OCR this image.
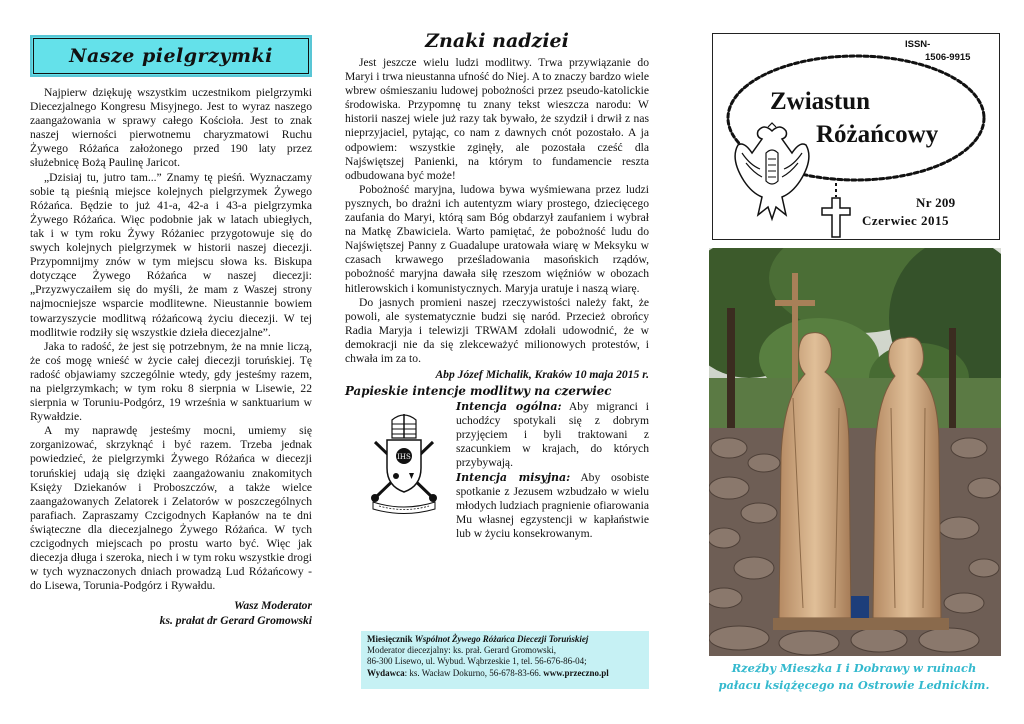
Nasze pielgrzymki

Najpierw dziękuję wszystkim uczestnikom pielgrzymki Diecezjalnego Kongresu Misyjnego. Jest to wyraz naszego zaangażowania w sprawy całego Kościoła. Jest to znak naszej wierności pierwotnemu charyzmatowi Ruchu Żywego Różańca założonego przed 190 laty przez służebnicę Bożą Paulinę Jaricot.

„Dzisiaj tu, jutro tam...” Znamy tę pieśń. Wyznaczamy sobie tą pieśnią miejsce kolejnych pielgrzymek Żywego Różańca. Będzie to już 41-a, 42-a i 43-a pielgrzymka Żywego Różańca. Więc podobnie jak w latach ubiegłych, tak i w tym roku Żywy Różaniec przygotowuje się do swych kolejnych pielgrzymek w historii naszej diecezji. Przypomnijmy znów w tym miejscu słowa ks. Biskupa dotyczące Żywego Różańca w naszej diecezji: „Przyzwyczaiłem się do myśli, że mam z Waszej strony najmocniejsze wsparcie modlitewne. Nieustannie bowiem towarzyszycie modlitwą różańcową życiu diecezji. W tej modlitwie rodziły się wszystkie dzieła diecezjalne”.

Jaka to radość, że jest się potrzebnym, że na mnie liczą, że coś mogę wnieść w życie całej diecezji toruńskiej. Tę radość objawiamy szczególnie wtedy, gdy jesteśmy razem, na pielgrzymkach; w tym roku 8 sierpnia w Lisewie, 22 sierpnia w Toruniu-Podgórz, 19 września w sanktuarium w Rywałdzie.

A my naprawdę jesteśmy mocni, umiemy się zorganizować, skrzyknąć i być razem. Trzeba jednak powiedzieć, że pielgrzymki Żywego Różańca w diecezji toruńskiej udają się dzięki zaangażowaniu znakomitych Księży Dziekanów i Proboszczów, a także wielce zaangażowanych Zelatorek i Zelatorów w poszczególnych parafiach. Zapraszamy Czcigodnych Kapłanów na te dni świąteczne dla diecezjalnego Żywego Różańca. W tych czcigodnych miejscach po prostu warto być. Więc jak diecezja długa i szeroka, niech i w tym roku wszystkie drogi w tych wyznaczonych dniach prowadzą Lud Różańcowy - do Lisewa, Torunia-Podgórz i Rywałdu.

Wasz Moderator
ks. prałat dr Gerard Gromowski
Znaki nadziei

Jest jeszcze wielu ludzi modlitwy. Trwa przywiązanie do Maryi i trwa nieustanna ufność do Niej. A to znaczy bardzo wiele wbrew ośmieszaniu ludowej pobożności przez pseudo-katolickie środowiska. Przypomnę tu znany tekst wieszcza narodu: W historii naszej wiele już razy tak bywało, że szydził i drwił z nas nieprzyjaciel, pytając, co nam z dawnych cnót pozostało. A ja odpowiem: wszystkie zginęły, ale pozostała cześć dla Najświętszej Panienki, na którym to fundamencie reszta odbudowana być może!

Pobożność maryjna, ludowa bywa wyśmiewana przez ludzi pysznych, bo drażni ich autentyzm wiary prostego, dziecięcego zaufania do Maryi, którą sam Bóg obdarzył zaufaniem i wybrał na Matkę Zbawiciela. Warto pamiętać, że pobożność ludu do Najświętszej Panny z Guadalupe uratowała wiarę w Meksyku w czasach krwawego prześladowania masońskich rządów, pobożność maryjna dawała siłę rzeszom więźniów w obozach hitlerowskich i komunistycznych. Maryja uratuje i naszą wiarę.

Do jasnych promieni naszej rzeczywistości należy fakt, że powoli, ale systematycznie budzi się naród. Przecież obrońcy Radia Maryja i telewizji TRWAM zdołali udowodnić, że w demokracji nie da się zlekceważyć milionowych protestów, i chwała im za to.

Abp Józef Michalik, Kraków 10 maja 2015 r.
Papieskie intencje modlitwy na czerwiec
IHS
Intencja ogólna: Aby migranci i uchodźcy spotykali się z dobrym przyjęciem i byli traktowani z szacunkiem w krajach, do których przybywają.
Intencja misyjna: Aby osobiste spotkanie z Jezusem wzbudzało w wielu młodych ludziach pragnienie ofiarowania Mu własnej egzystencji w kapłaństwie lub w życiu konsekrowanym.
Miesięcznik Wspólnot Żywego Różańca Diecezji Toruńskiej
Moderator diecezjalny: ks. prał. Gerard Gromowski,
86-300 Lisewo, ul. Wybud. Wąbrzeskie 1, tel. 56-676-86-04;
Wydawca: ks. Wacław Dokurno, 56-678-83-66. www.przeczno.pl
ISSN-
1506-9915
Zwiastun
Różańcowy
Nr 209
Czerwiec 2015
Rzeźby Mieszka I i Dobrawy w ruinach
pałacu książęcego na Ostrowie Lednickim.
